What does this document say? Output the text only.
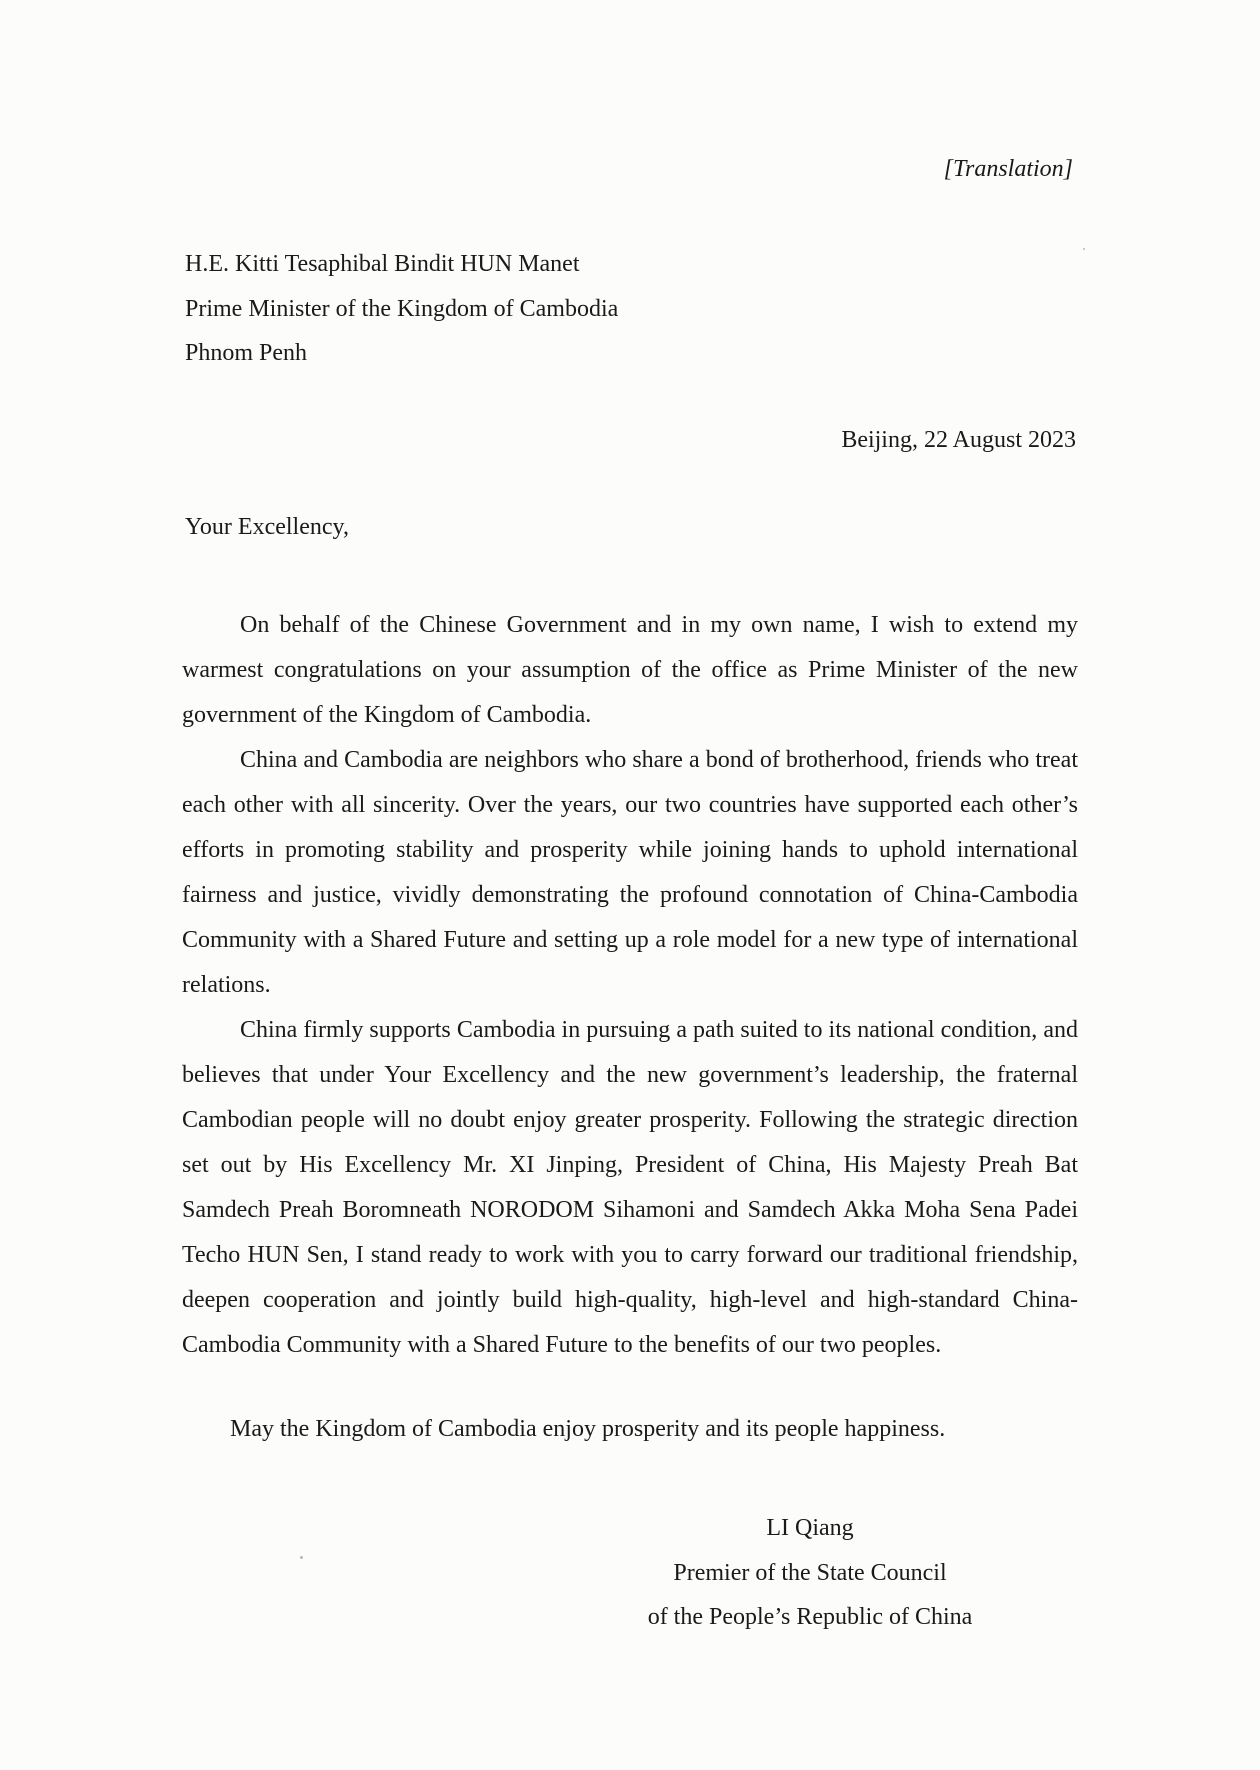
[Translation]
H.E. Kitti Tesaphibal Bindit HUN Manet
Prime Minister of the Kingdom of Cambodia
Phnom Penh
Beijing, 22 August 2023
Your Excellency,

On behalf of the Chinese Government and in my own name, I wish to extend my warmest congratulations on your assumption of the office as Prime Minister of the new government of the Kingdom of Cambodia.

China and Cambodia are neighbors who share a bond of brotherhood, friends who treat each other with all sincerity. Over the years, our two countries have supported each other’s efforts in promoting stability and prosperity while joining hands to uphold international fairness and justice, vividly demonstrating the profound connotation of China-Cambodia Community with a Shared Future and setting up a role model for a new type of international relations.

China firmly supports Cambodia in pursuing a path suited to its national condition, and believes that under Your Excellency and the new government’s leadership, the fraternal Cambodian people will no doubt enjoy greater prosperity. Following the strategic direction set out by His Excellency Mr. XI Jinping, President of China, His Majesty Preah Bat Samdech Preah Boromneath NORODOM Sihamoni and Samdech Akka Moha Sena Padei Techo HUN Sen, I stand ready to work with you to carry forward our traditional friendship, deepen cooperation and jointly build high-quality, high-level and high-standard China-Cambodia Community with a Shared Future to the benefits of our two peoples.

May the Kingdom of Cambodia enjoy prosperity and its people happiness.
LI Qiang
Premier of the State Council
of the People’s Republic of China
